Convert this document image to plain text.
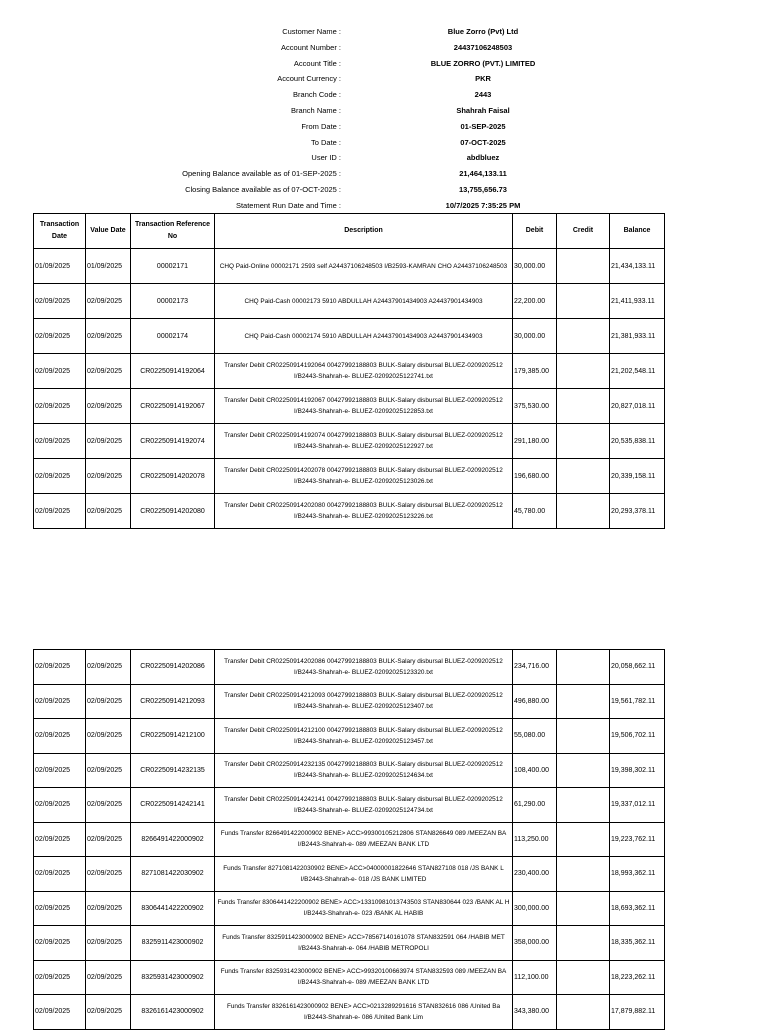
Customer Name :	Blue Zorro (Pvt) Ltd
Account Number :	24437106248503
Account Title :	BLUE ZORRO (PVT.) LIMITED
Account Currency :	PKR
Branch Code :	2443
Branch Name :	Shahrah Faisal
From Date :	01-SEP-2025
To Date :	07-OCT-2025
User ID :	abdbluez
Opening Balance available as of 01-SEP-2025 :	21,464,133.11
Closing Balance available as of 07-OCT-2025 :	13,755,656.73
Statement Run Date and Time :	10/7/2025 7:35:25 PM
Transaction Date	Value Date	Transaction Reference No	Description	Debit	Credit	Balance
01/09/2025	01/09/2025	00002171	CHQ Paid-Online 00002171 2593 self A24437106248503 I/B2593-KAMRAN CHO A24437106248503	30,000.00		21,434,133.11
02/09/2025	02/09/2025	00002173	CHQ Paid-Cash 00002173 5910 ABDULLAH A24437901434903 A24437901434903	22,200.00		21,411,933.11
02/09/2025	02/09/2025	00002174	CHQ Paid-Cash 00002174 5910 ABDULLAH A24437901434903 A24437901434903	30,000.00		21,381,933.11
02/09/2025	02/09/2025	CR02250914192064	Transfer Debit CR02250914192064 00427992188803 BULK-Salary disbursal BLUEZ-0209202512 I/B2443-Shahrah-e- BLUEZ-02092025122741.txt	179,385.00		21,202,548.11
02/09/2025	02/09/2025	CR02250914192067	Transfer Debit CR02250914192067 00427992188803 BULK-Salary disbursal BLUEZ-0209202512 I/B2443-Shahrah-e- BLUEZ-02092025122853.txt	375,530.00		20,827,018.11
02/09/2025	02/09/2025	CR02250914192074	Transfer Debit CR02250914192074 00427992188803 BULK-Salary disbursal BLUEZ-0209202512 I/B2443-Shahrah-e- BLUEZ-02092025122927.txt	291,180.00		20,535,838.11
02/09/2025	02/09/2025	CR02250914202078	Transfer Debit CR02250914202078 00427992188803 BULK-Salary disbursal BLUEZ-0209202512 I/B2443-Shahrah-e- BLUEZ-02092025123026.txt	196,680.00		20,339,158.11
02/09/2025	02/09/2025	CR02250914202080	Transfer Debit CR02250914202080 00427992188803 BULK-Salary disbursal BLUEZ-0209202512 I/B2443-Shahrah-e- BLUEZ-02092025123226.txt	45,780.00		20,293,378.11
02/09/2025	02/09/2025	CR02250914202086	Transfer Debit CR02250914202086 00427992188803 BULK-Salary disbursal BLUEZ-0209202512 I/B2443-Shahrah-e- BLUEZ-02092025123320.txt	234,716.00		20,058,662.11
02/09/2025	02/09/2025	CR02250914212093	Transfer Debit CR02250914212093 00427992188803 BULK-Salary disbursal BLUEZ-0209202512 I/B2443-Shahrah-e- BLUEZ-02092025123407.txt	496,880.00		19,561,782.11
02/09/2025	02/09/2025	CR02250914212100	Transfer Debit CR02250914212100 00427992188803 BULK-Salary disbursal BLUEZ-0209202512 I/B2443-Shahrah-e- BLUEZ-02092025123457.txt	55,080.00		19,506,702.11
02/09/2025	02/09/2025	CR02250914232135	Transfer Debit CR02250914232135 00427992188803 BULK-Salary disbursal BLUEZ-0209202512 I/B2443-Shahrah-e- BLUEZ-02092025124634.txt	108,400.00		19,398,302.11
02/09/2025	02/09/2025	CR02250914242141	Transfer Debit CR02250914242141 00427992188803 BULK-Salary disbursal BLUEZ-0209202512 I/B2443-Shahrah-e- BLUEZ-02092025124734.txt	61,290.00		19,337,012.11
02/09/2025	02/09/2025	8266491422000902	Funds Transfer 8266491422000902 BENE> ACC>99300105212806 STAN826649 089 /MEEZAN BA I/B2443-Shahrah-e- 089 /MEEZAN BANK LTD	113,250.00		19,223,762.11
02/09/2025	02/09/2025	8271081422030902	Funds Transfer 8271081422030902 BENE> ACC>04000001822646 STAN827108 018 /JS BANK L I/B2443-Shahrah-e- 018 /JS BANK LIMITED	230,400.00		18,993,362.11
02/09/2025	02/09/2025	8306441422200902	Funds Transfer 8306441422200902 BENE> ACC>13310981013743503 STAN830644 023 /BANK AL H I/B2443-Shahrah-e- 023 /BANK AL HABIB	300,000.00		18,693,362.11
02/09/2025	02/09/2025	8325911423000902	Funds Transfer 8325911423000902 BENE> ACC>78567140161078 STAN832591 064 /HABIB MET I/B2443-Shahrah-e- 064 /HABIB METROPOLI	358,000.00		18,335,362.11
02/09/2025	02/09/2025	8325931423000902	Funds Transfer 8325931423000902 BENE> ACC>99320100663974 STAN832593 089 /MEEZAN BA I/B2443-Shahrah-e- 089 /MEEZAN BANK LTD	112,100.00		18,223,262.11
02/09/2025	02/09/2025	8326161423000902	Funds Transfer 8326161423000902 BENE> ACC>0213289291616 STAN832616 086 /United Ba I/B2443-Shahrah-e- 086 /United Bank Lim	343,380.00		17,879,882.11
